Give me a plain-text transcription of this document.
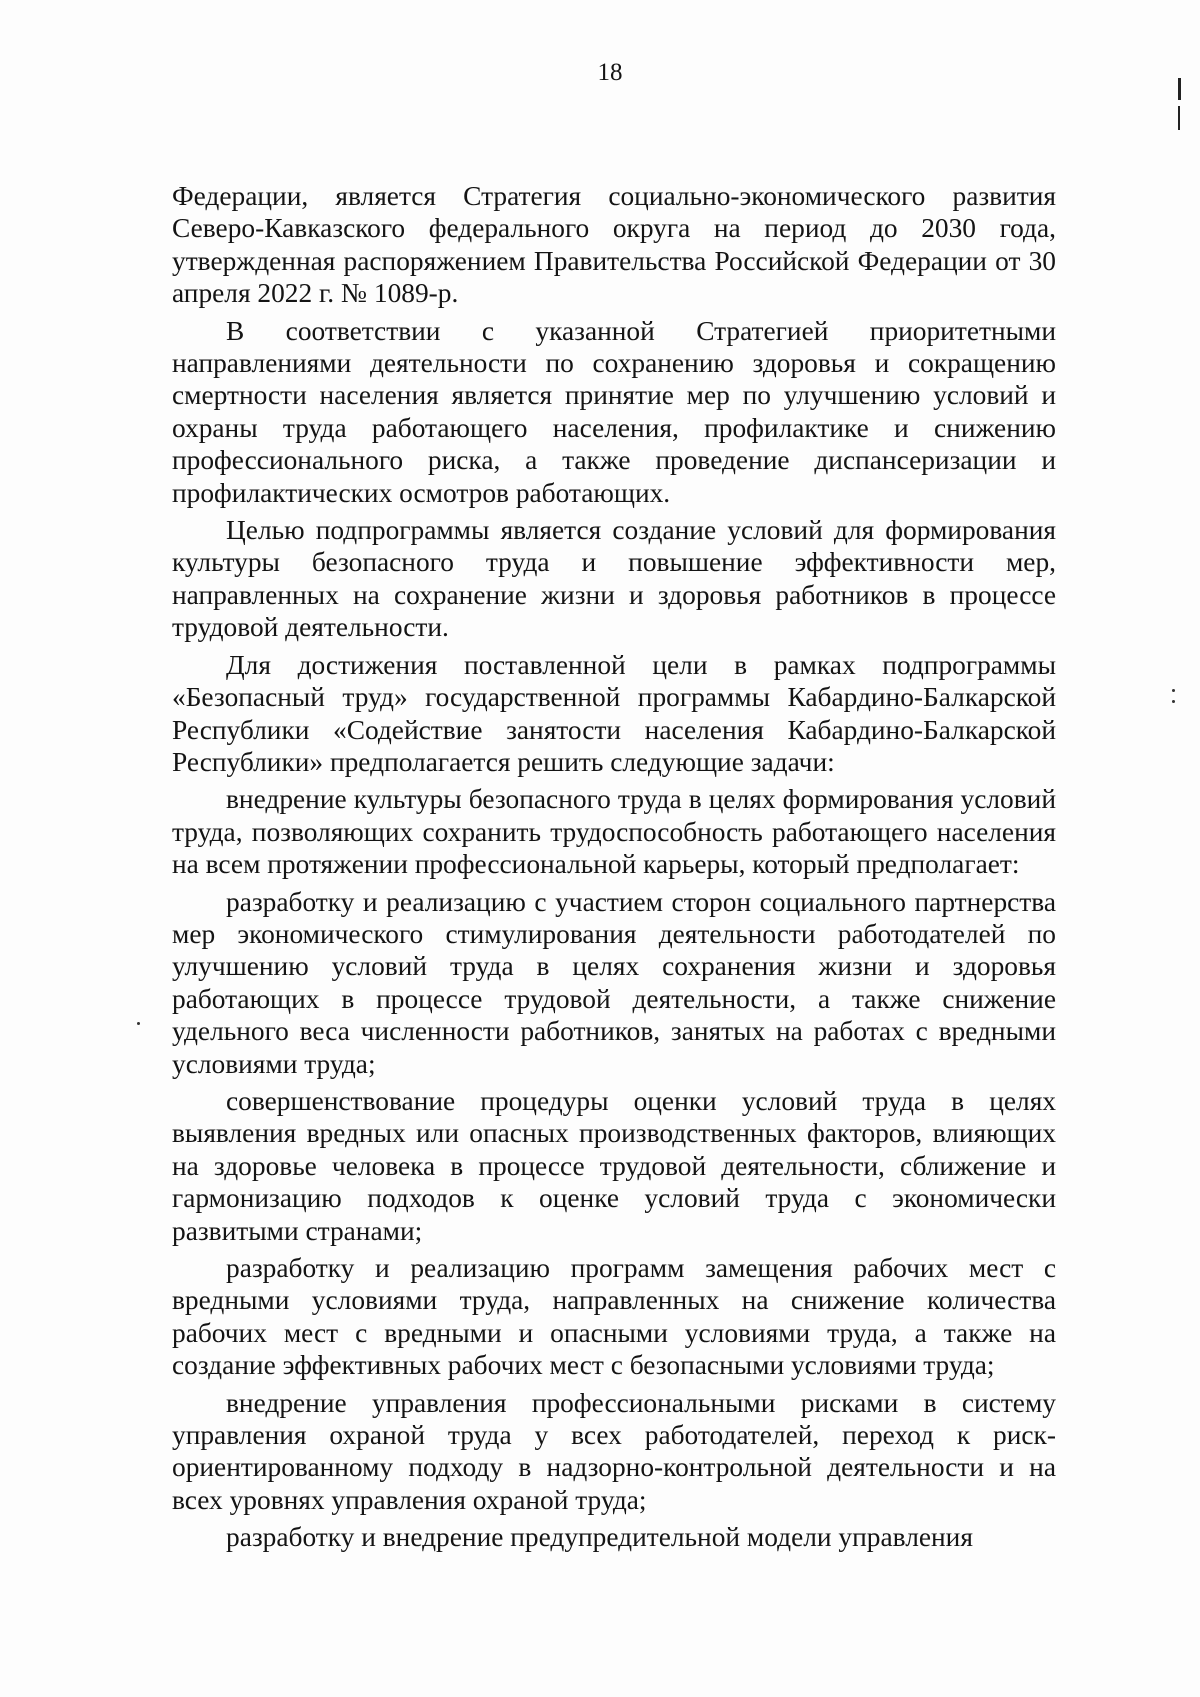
18

Федерации, является Стратегия социально-экономического развития Северо-Кавказского федерального округа на период до 2030 года, утвержденная распоряжением Правительства Российской Федерации от 30 апреля 2022 г. № 1089-р.

В соответствии с указанной Стратегией приоритетными направлениями деятельности по сохранению здоровья и сокращению смертности населения является принятие мер по улучшению условий и охраны труда работающего населения, профилактике и снижению профессионального риска, а также проведение диспансеризации и профилактических осмотров работающих.

Целью подпрограммы является создание условий для формирования культуры безопасного труда и повышение эффективности мер, направленных на сохранение жизни и здоровья работников в процессе трудовой деятельности.

Для достижения поставленной цели в рамках подпрограммы «Безопасный труд» государственной программы Кабардино-Балкарской Республики «Содействие занятости населения Кабардино-Балкарской Республики» предполагается решить следующие задачи:

внедрение культуры безопасного труда в целях формирования условий труда, позволяющих сохранить трудоспособность работающего населения на всем протяжении профессиональной карьеры, который предполагает:

разработку и реализацию с участием сторон социального партнерства мер экономического стимулирования деятельности работодателей по улучшению условий труда в целях сохранения жизни и здоровья работающих в процессе трудовой деятельности, а также снижение удельного веса численности работников, занятых на работах с вредными условиями труда;

совершенствование процедуры оценки условий труда в целях выявления вредных или опасных производственных факторов, влияющих на здоровье человека в процессе трудовой деятельности, сближение и гармонизацию подходов к оценке условий труда с экономически развитыми странами;

разработку и реализацию программ замещения рабочих мест с вредными условиями труда, направленных на снижение количества рабочих мест с вредными и опасными условиями труда, а также на создание эффективных рабочих мест с безопасными условиями труда;

внедрение управления профессиональными рисками в систему управления охраной труда у всех работодателей, переход к риск-ориентированному подходу в надзорно-контрольной деятельности и на всех уровнях управления охраной труда;

разработку и внедрение предупредительной модели управления
